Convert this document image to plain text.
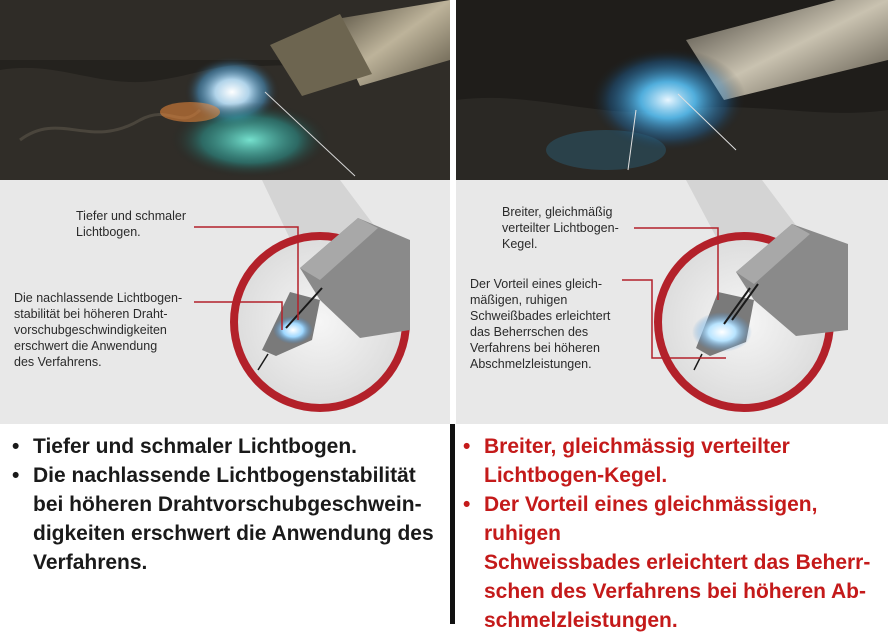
Tiefer und schmaler
Lichtbogen.
Die nachlassende Lichtbogen-
stabilität bei höheren Draht-
vorschubgeschwindigkeiten
erschwert die Anwendung
des Verfahrens.
Breiter, gleichmäßig
verteilter Lichtbogen-
Kegel.
Der Vorteil eines gleich-
mäßigen, ruhigen
Schweißbades erleichtert
das Beherrschen des
Verfahrens bei höheren
Abschmelzleistungen.
• Tiefer und schmaler Lichtbogen.
• Die nachlassende Lichtbogenstabilität
bei höheren Drahtvorschubgeschwein-
digkeiten erschwert die Anwendung des
Verfahrens.
• Breiter, gleichmässig verteilter
Lichtbogen-Kegel.
• Der Vorteil eines gleichmässigen, ruhigen
Schweissbades erleichtert das Beherr-
schen des Verfahrens bei höheren Ab-
schmelzleistungen.
